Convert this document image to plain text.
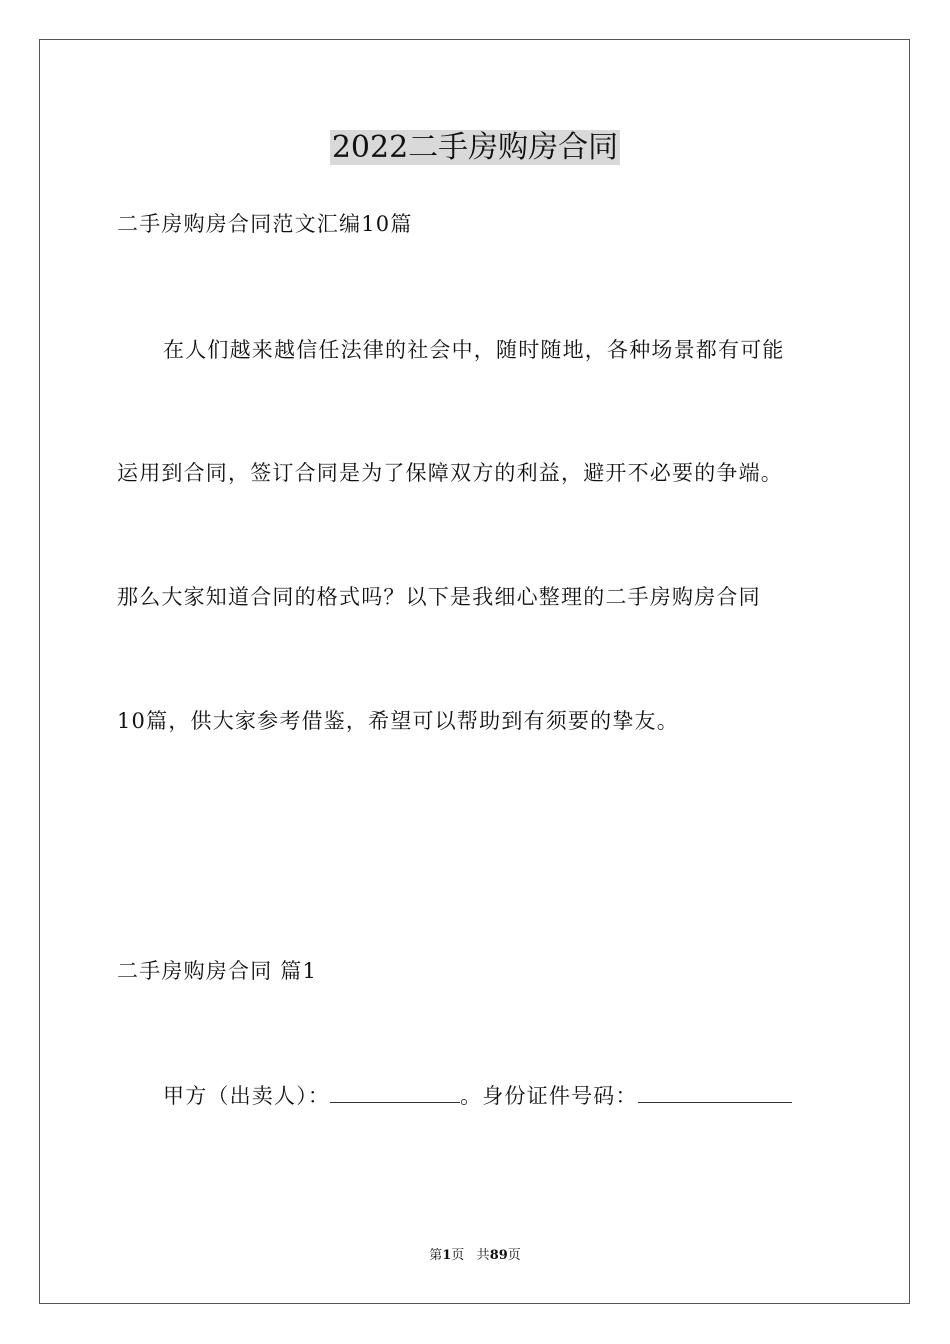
2022二手房购房合同
二手房购房合同范文汇编10篇
在人们越来越信任法律的社会中，随时随地，各种场景都有可能
运用到合同，签订合同是为了保障双方的利益，避开不必要的争端。
那么大家知道合同的格式吗？以下是我细心整理的二手房购房合同
10篇，供大家参考借鉴，希望可以帮助到有须要的挚友。
二手房购房合同 篇1
甲方（出卖人）：	。身份证件号码：
第1页 共89页
